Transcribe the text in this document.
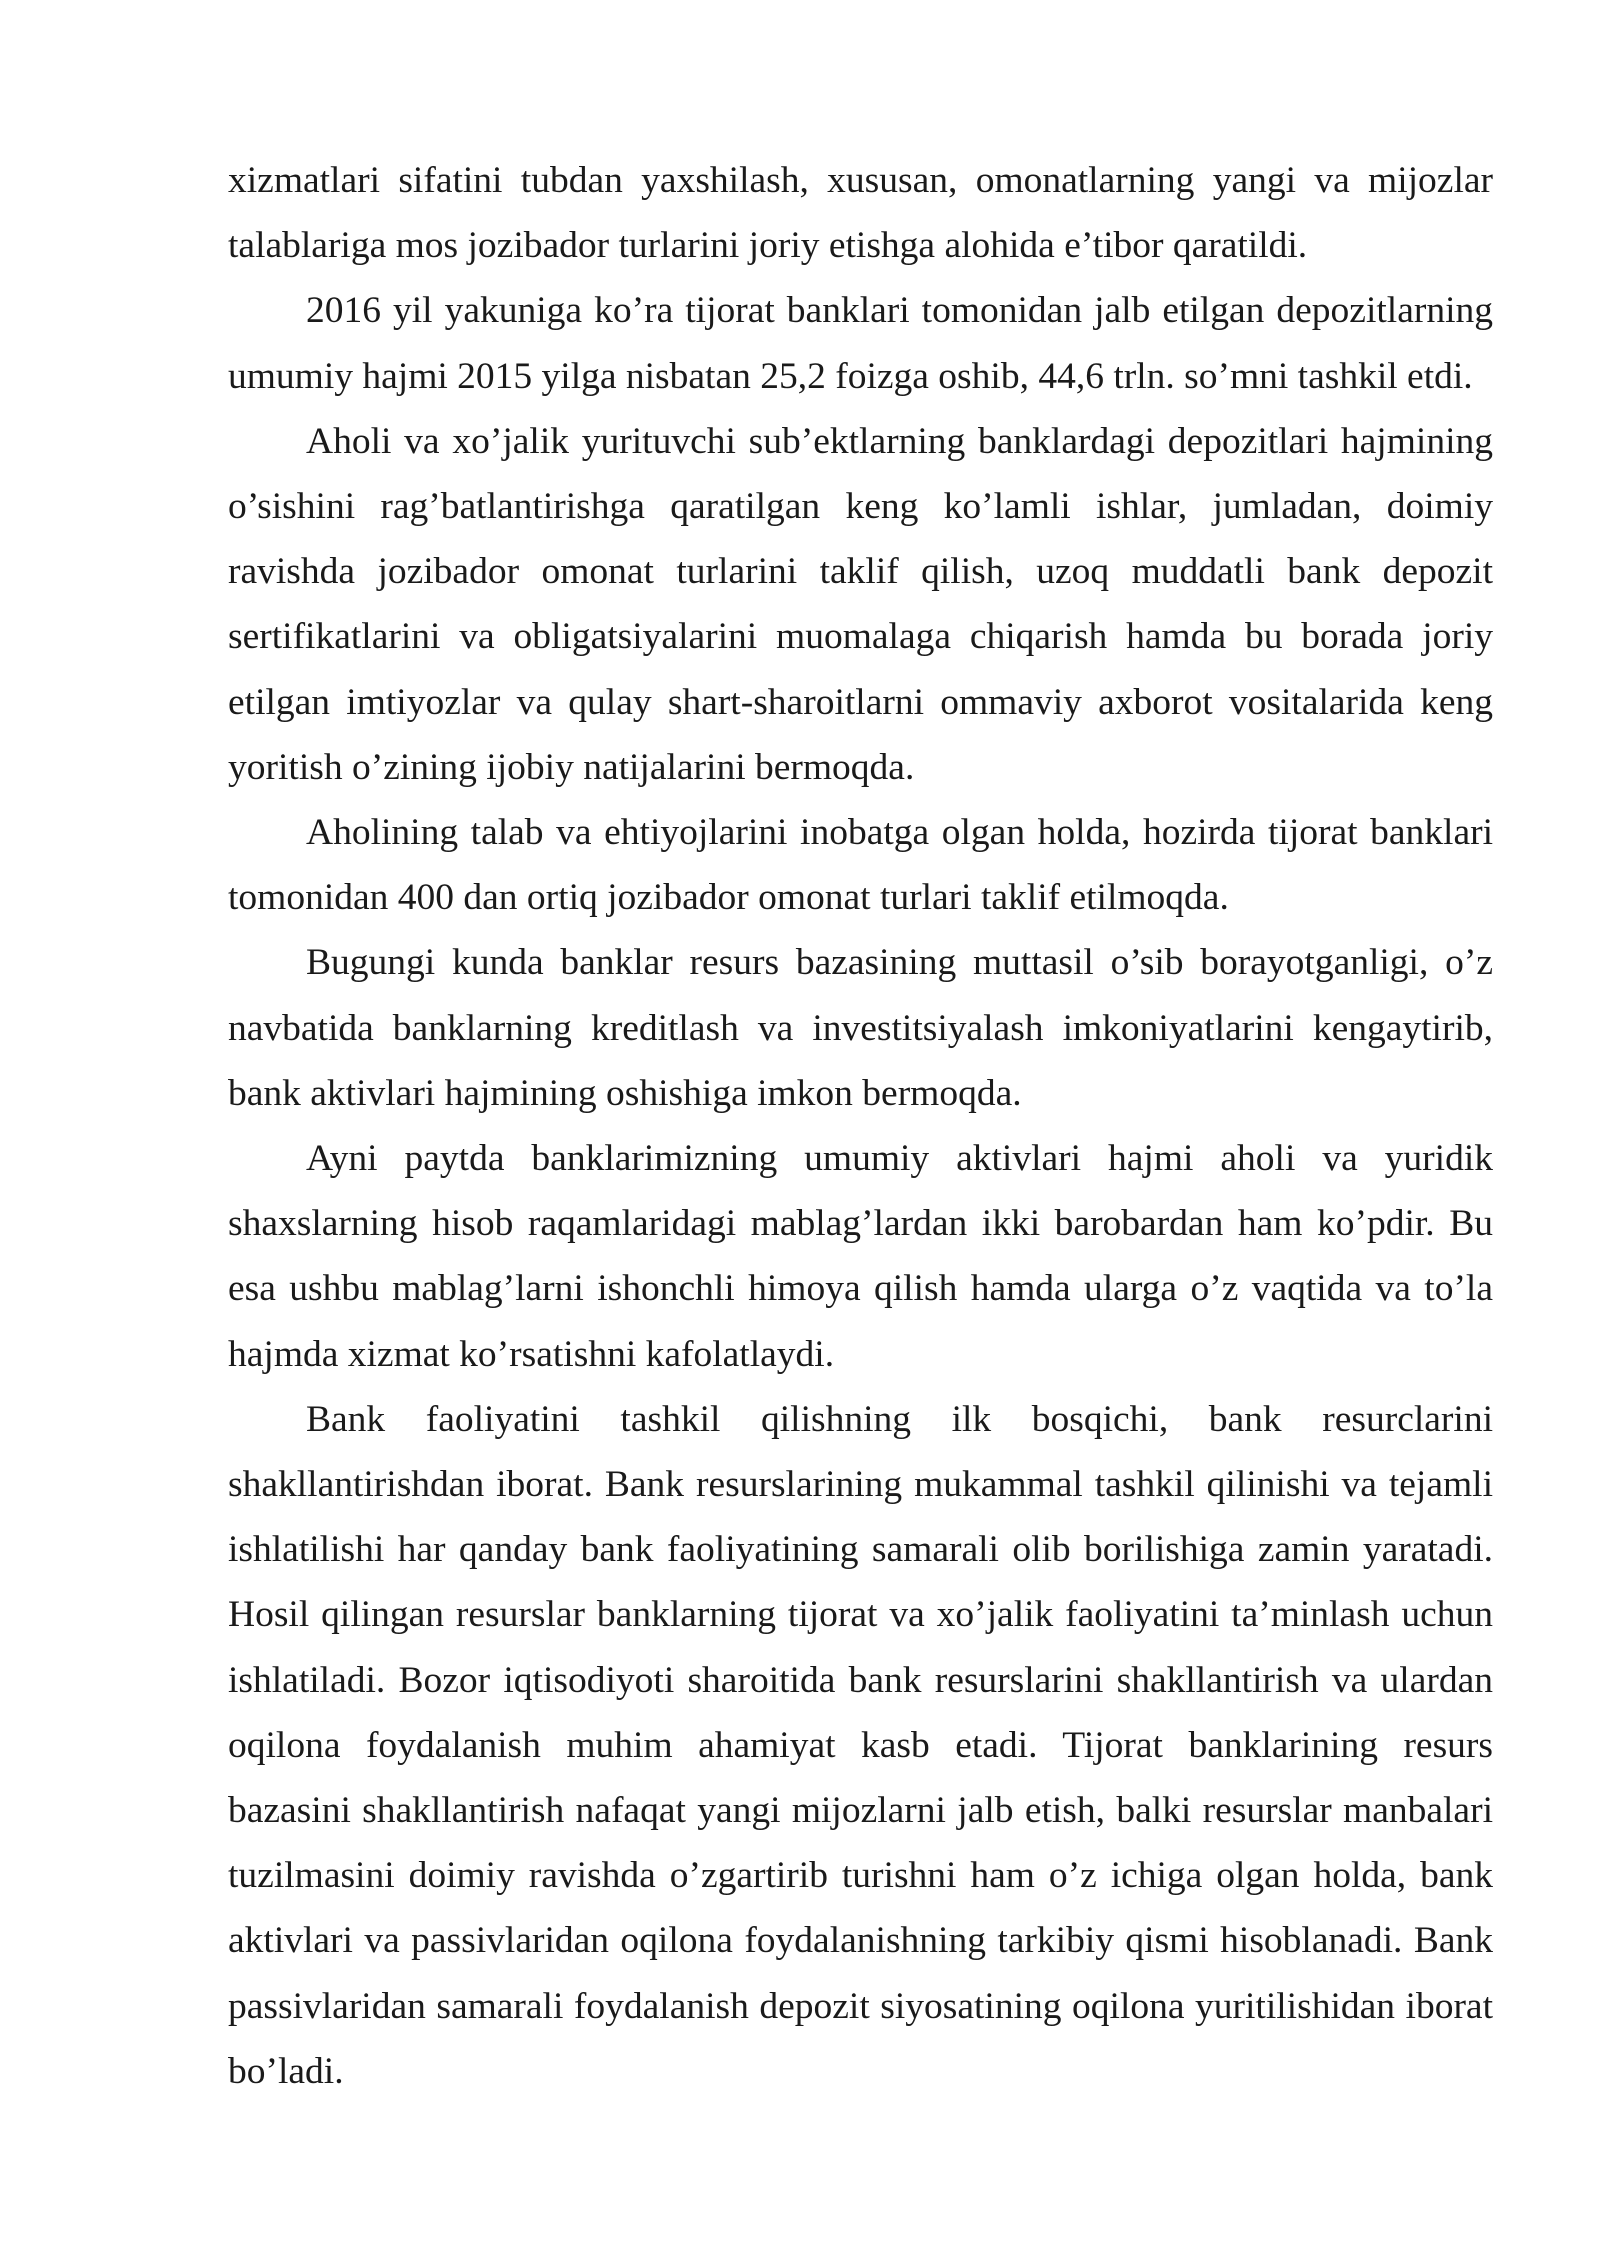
xizmatlari sifatini tubdan yaxshilash, xususan, omonatlarning yangi va mijozlar talablariga mos jozibador turlarini joriy etishga alohida e’tibor qaratildi.

2016 yil yakuniga ko’ra tijorat banklari tomonidan jalb etilgan depozitlarning umumiy hajmi 2015 yilga nisbatan 25,2 foizga oshib, 44,6 trln. so’mni tashkil etdi.

Aholi va xo’jalik yurituvchi sub’ektlarning banklardagi depozitlari hajmining o’sishini rag’batlantirishga qaratilgan keng ko’lamli ishlar, jumladan, doimiy ravishda jozibador omonat turlarini taklif qilish, uzoq muddatli bank depozit sertifikatlarini va obligatsiyalarini muomalaga chiqarish hamda bu borada joriy etilgan imtiyozlar va qulay shart-sharoitlarni ommaviy axborot vositalarida keng yoritish o’zining ijobiy natijalarini bermoqda.

Aholining talab va ehtiyojlarini inobatga olgan holda, hozirda tijorat banklari tomonidan 400 dan ortiq jozibador omonat turlari taklif etilmoqda.

Bugungi kunda banklar resurs bazasining muttasil o’sib borayotganligi, o’z navbatida banklarning kreditlash va investitsiyalash imkoniyatlarini kengaytirib, bank aktivlari hajmining oshishiga imkon bermoqda.

Ayni paytda banklarimizning umumiy aktivlari hajmi aholi va yuridik shaxslarning hisob raqamlaridagi mablag’lardan ikki barobardan ham ko’pdir. Bu esa ushbu mablag’larni ishonchli himoya qilish hamda ularga o’z vaqtida va to’la hajmda xizmat ko’rsatishni kafolatlaydi.

Bank faoliyatini tashkil qilishning ilk bosqichi, bank resurclarini shakllantirishdan iborat. Bank resurslarining mukammal tashkil qilinishi va tejamli ishlatilishi har qanday bank faoliyatining samarali olib borilishiga zamin yaratadi. Hosil qilingan resurslar banklarning tijorat va xo’jalik faoliyatini ta’minlash uchun ishlatiladi. Bozor iqtisodiyoti sharoitida bank resurslarini shakllantirish va ulardan oqilona foydalanish muhim ahamiyat kasb etadi. Tijorat banklarining resurs bazasini shakllantirish nafaqat yangi mijozlarni jalb etish, balki resurslar manbalari tuzilmasini doimiy ravishda o’zgartirib turishni ham o’z ichiga olgan holda, bank aktivlari va passivlaridan oqilona foydalanishning tarkibiy qismi hisoblanadi. Bank passivlaridan samarali foydalanish depozit siyosatining oqilona yuritilishidan iborat bo’ladi.
